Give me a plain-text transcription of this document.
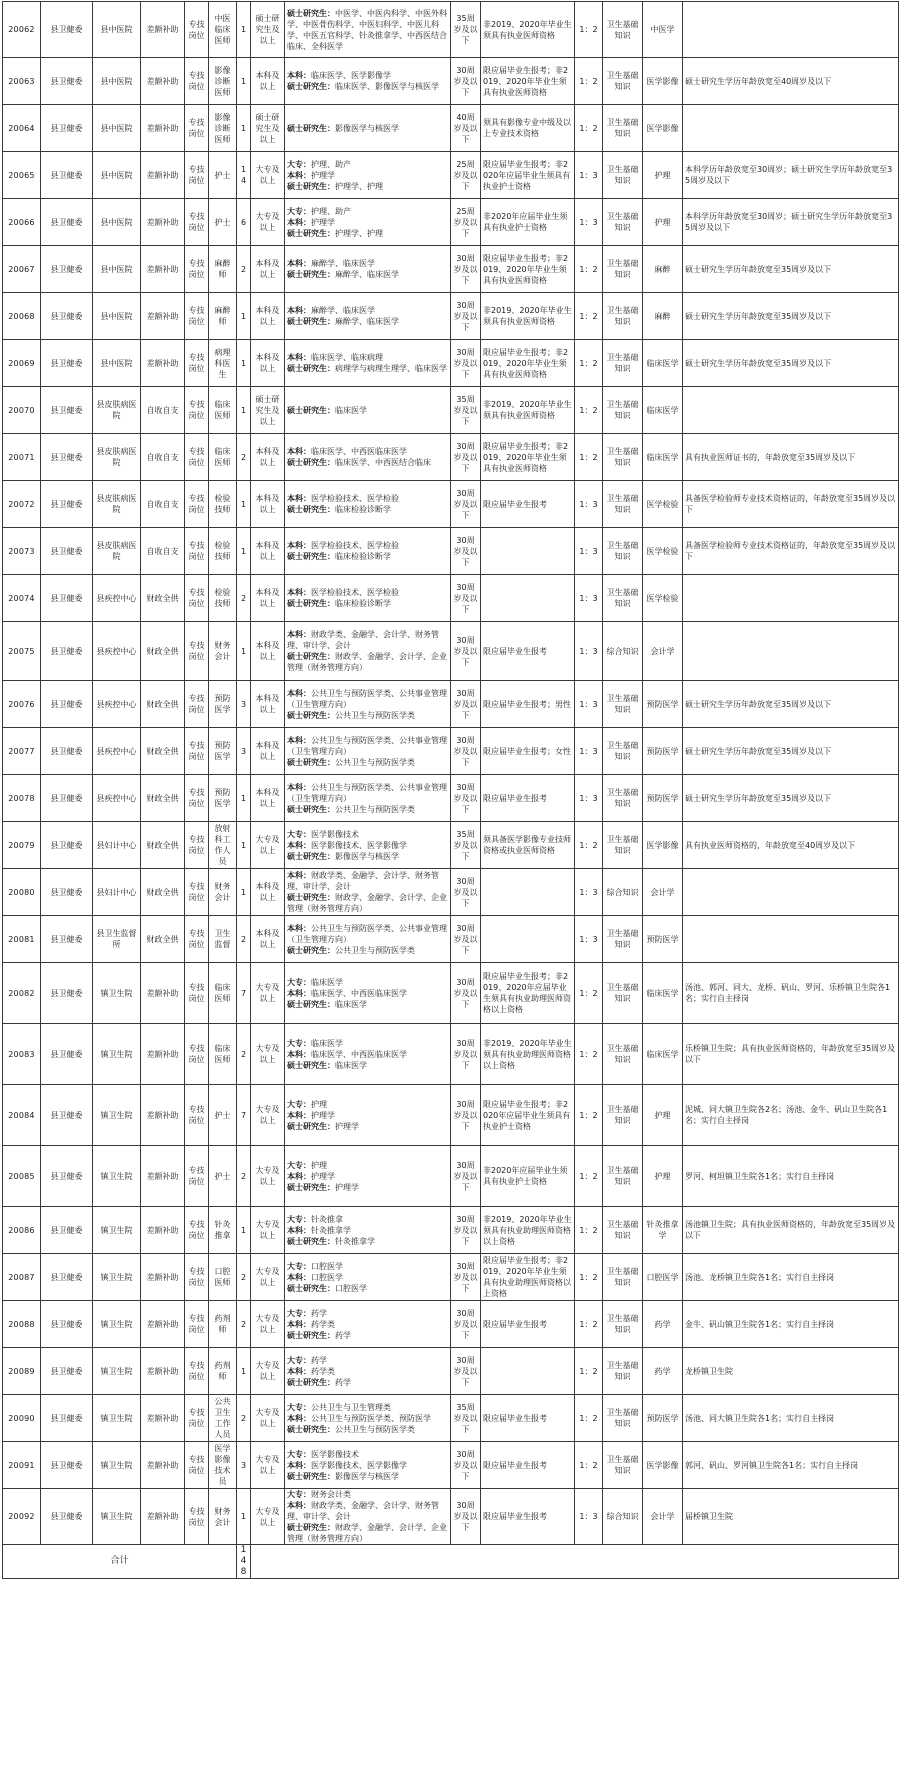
20062	县卫健委	县中医院	差额补助	专技岗位	中医临床医师	1	硕士研究生及以上	硕士研究生：中医学、中医内科学、中医外科学、中医骨伤科学、中医妇科学、中医儿科学、中医五官科学、针灸推拿学、中西医结合临床、全科医学	35周岁及以下	非2019、2020年毕业生须具有执业医师资格	1：2	卫生基础知识	中医学	
20063	县卫健委	县中医院	差额补助	专技岗位	影像诊断医师	1	本科及以上	本科：临床医学、医学影像学
硕士研究生：临床医学、影像医学与核医学	30周岁及以下	限应届毕业生报考；非2019、2020年毕业生须具有执业医师资格	1：2	卫生基础知识	医学影像	硕士研究生学历年龄放宽至40周岁及以下
20064	县卫健委	县中医院	差额补助	专技岗位	影像诊断医师	1	硕士研究生及以上	硕士研究生：影像医学与核医学	40周岁及以下	须具有影像专业中级及以上专业技术资格	1：2	卫生基础知识	医学影像	
20065	县卫健委	县中医院	差额补助	专技岗位	护士	14	大专及以上	大专：护理、助产
本科：护理学
硕士研究生：护理学、护理	25周岁及以下	限应届毕业生报考；非2020年应届毕业生须具有执业护士资格	1：3	卫生基础知识	护理	本科学历年龄放宽至30周岁；硕士研究生学历年龄放宽至35周岁及以下
20066	县卫健委	县中医院	差额补助	专技岗位	护士	6	大专及以上	大专：护理、助产
本科：护理学
硕士研究生：护理学、护理	25周岁及以下	非2020年应届毕业生须具有执业护士资格	1：3	卫生基础知识	护理	本科学历年龄放宽至30周岁；硕士研究生学历年龄放宽至35周岁及以下
20067	县卫健委	县中医院	差额补助	专技岗位	麻醉师	2	本科及以上	本科：麻醉学、临床医学
硕士研究生：麻醉学、临床医学	30周岁及以下	限应届毕业生报考；非2019、2020年毕业生须具有执业医师资格	1：2	卫生基础知识	麻醉	硕士研究生学历年龄放宽至35周岁及以下
20068	县卫健委	县中医院	差额补助	专技岗位	麻醉师	1	本科及以上	本科：麻醉学、临床医学
硕士研究生：麻醉学、临床医学	30周岁及以下	非2019、2020年毕业生须具有执业医师资格	1：2	卫生基础知识	麻醉	硕士研究生学历年龄放宽至35周岁及以下
20069	县卫健委	县中医院	差额补助	专技岗位	病理科医生	1	本科及以上	本科：临床医学、临床病理
硕士研究生：病理学与病理生理学、临床医学	30周岁及以下	限应届毕业生报考；非2019、2020年毕业生须具有执业医师资格	1：2	卫生基础知识	临床医学	硕士研究生学历年龄放宽至35周岁及以下
20070	县卫健委	县皮肤病医院	自收自支	专技岗位	临床医师	1	硕士研究生及以上	硕士研究生：临床医学	35周岁及以下	非2019、2020年毕业生须具有执业医师资格	1：2	卫生基础知识	临床医学	
20071	县卫健委	县皮肤病医院	自收自支	专技岗位	临床医师	2	本科及以上	本科：临床医学、中西医临床医学
硕士研究生：临床医学、中西医结合临床	30周岁及以下	限应届毕业生报考；非2019、2020年毕业生须具有执业医师资格	1：2	卫生基础知识	临床医学	具有执业医师证书的，年龄放宽至35周岁及以下
20072	县卫健委	县皮肤病医院	自收自支	专技岗位	检验技师	1	本科及以上	本科：医学检验技术、医学检验
硕士研究生：临床检验诊断学	30周岁及以下	限应届毕业生报考	1：3	卫生基础知识	医学检验	具备医学检验师专业技术资格证的，年龄放宽至35周岁及以下
20073	县卫健委	县皮肤病医院	自收自支	专技岗位	检验技师	1	本科及以上	本科：医学检验技术、医学检验
硕士研究生：临床检验诊断学	30周岁及以下		1：3	卫生基础知识	医学检验	具备医学检验师专业技术资格证的，年龄放宽至35周岁及以下
20074	县卫健委	县疾控中心	财政全供	专技岗位	检验技师	2	本科及以上	本科：医学检验技术、医学检验
硕士研究生：临床检验诊断学	30周岁及以下		1：3	卫生基础知识	医学检验	
20075	县卫健委	县疾控中心	财政全供	专技岗位	财务会计	1	本科及以上	本科：财政学类、金融学、会计学、财务管理、审计学、会计
硕士研究生：财政学、金融学、会计学、企业管理（财务管理方向）	30周岁及以下	限应届毕业生报考	1：3	综合知识	会计学	
20076	县卫健委	县疾控中心	财政全供	专技岗位	预防医学	3	本科及以上	本科：公共卫生与预防医学类、公共事业管理（卫生管理方向）
硕士研究生：公共卫生与预防医学类	30周岁及以下	限应届毕业生报考；男性	1：3	卫生基础知识	预防医学	硕士研究生学历年龄放宽至35周岁及以下
20077	县卫健委	县疾控中心	财政全供	专技岗位	预防医学	3	本科及以上	本科：公共卫生与预防医学类、公共事业管理（卫生管理方向）
硕士研究生：公共卫生与预防医学类	30周岁及以下	限应届毕业生报考；女性	1：3	卫生基础知识	预防医学	硕士研究生学历年龄放宽至35周岁及以下
20078	县卫健委	县疾控中心	财政全供	专技岗位	预防医学	1	本科及以上	本科：公共卫生与预防医学类、公共事业管理（卫生管理方向）
硕士研究生：公共卫生与预防医学类	30周岁及以下	限应届毕业生报考	1：3	卫生基础知识	预防医学	硕士研究生学历年龄放宽至35周岁及以下
20079	县卫健委	县妇计中心	财政全供	专技岗位	放射科工作人员	1	大专及以上	大专：医学影像技术
本科：医学影像技术、医学影像学
硕士研究生：影像医学与核医学	35周岁及以下	须具备医学影像专业技师资格或执业医师资格	1：2	卫生基础知识	医学影像	具有执业医师资格的，年龄放宽至40周岁及以下
20080	县卫健委	县妇计中心	财政全供	专技岗位	财务会计	1	本科及以上	本科：财政学类、金融学、会计学、财务管理、审计学、会计
硕士研究生：财政学、金融学、会计学、企业管理（财务管理方向）	30周岁及以下		1：3	综合知识	会计学	
20081	县卫健委	县卫生监督所	财政全供	专技岗位	卫生监督	2	本科及以上	本科：公共卫生与预防医学类、公共事业管理（卫生管理方向）
硕士研究生：公共卫生与预防医学类	30周岁及以下		1：3	卫生基础知识	预防医学	
20082	县卫健委	镇卫生院	差额补助	专技岗位	临床医师	7	大专及以上	大专：临床医学
本科：临床医学、中西医临床医学
硕士研究生：临床医学	30周岁及以下	限应届毕业生报考；非2019、2020年应届毕业生须具有执业助理医师资格以上资格	1：2	卫生基础知识	临床医学	汤池、郭河、同大、龙桥、矾山、罗河、乐桥镇卫生院各1名；实行自主择岗
20083	县卫健委	镇卫生院	差额补助	专技岗位	临床医师	2	大专及以上	大专：临床医学
本科：临床医学、中西医临床医学
硕士研究生：临床医学	30周岁及以下	非2019、2020年毕业生须具有执业助理医师资格以上资格	1：2	卫生基础知识	临床医学	乐桥镇卫生院；具有执业医师资格的，年龄放宽至35周岁及以下
20084	县卫健委	镇卫生院	差额补助	专技岗位	护士	7	大专及以上	大专：护理
本科：护理学
硕士研究生：护理学	30周岁及以下	限应届毕业生报考；非2020年应届毕业生须具有执业护士资格	1：2	卫生基础知识	护理	泥城、同大镇卫生院各2名；汤池、金牛、矾山卫生院各1名；实行自主择岗
20085	县卫健委	镇卫生院	差额补助	专技岗位	护士	2	大专及以上	大专：护理
本科：护理学
硕士研究生：护理学	30周岁及以下	非2020年应届毕业生须具有执业护士资格	1：2	卫生基础知识	护理	罗河、柯坦镇卫生院各1名；实行自主择岗
20086	县卫健委	镇卫生院	差额补助	专技岗位	针灸推拿	1	大专及以上	大专：针灸推拿
本科：针灸推拿学
硕士研究生：针灸推拿学	30周岁及以下	非2019、2020年毕业生须具有执业助理医师资格以上资格	1：2	卫生基础知识	针灸推拿学	汤池镇卫生院；具有执业医师资格的，年龄放宽至35周岁及以下
20087	县卫健委	镇卫生院	差额补助	专技岗位	口腔医师	2	大专及以上	大专：口腔医学
本科：口腔医学
硕士研究生：口腔医学	30周岁及以下	限应届毕业生报考；非2019、2020年毕业生须具有执业助理医师资格以上资格	1：2	卫生基础知识	口腔医学	汤池、龙桥镇卫生院各1名；实行自主择岗
20088	县卫健委	镇卫生院	差额补助	专技岗位	药剂师	2	大专及以上	大专：药学
本科：药学类
硕士研究生：药学	30周岁及以下	限应届毕业生报考	1：2	卫生基础知识	药学	金牛、矾山镇卫生院各1名；实行自主择岗
20089	县卫健委	镇卫生院	差额补助	专技岗位	药剂师	1	大专及以上	大专：药学
本科：药学类
硕士研究生：药学	30周岁及以下		1：2	卫生基础知识	药学	龙桥镇卫生院
20090	县卫健委	镇卫生院	差额补助	专技岗位	公共卫生工作人员	2	大专及以上	大专：公共卫生与卫生管理类
本科：公共卫生与预防医学类、预防医学
硕士研究生：公共卫生与预防医学类	35周岁及以下	限应届毕业生报考	1：2	卫生基础知识	预防医学	汤池、同大镇卫生院各1名；实行自主择岗
20091	县卫健委	镇卫生院	差额补助	专技岗位	医学影像技术员	3	大专及以上	大专：医学影像技术
本科：医学影像技术、医学影像学
硕士研究生：影像医学与核医学	30周岁及以下	限应届毕业生报考	1：2	卫生基础知识	医学影像	郭河、矾山、罗河镇卫生院各1名；实行自主择岗
20092	县卫健委	镇卫生院	差额补助	专技岗位	财务会计	1	大专及以上	大专：财务会计类
本科：财政学类、金融学、会计学、财务管理、审计学、会计
硕士研究生：财政学、金融学、会计学、企业管理（财务管理方向）	30周岁及以下	限应届毕业生报考	1：3	综合知识	会计学	届桥镇卫生院
合计						148								
